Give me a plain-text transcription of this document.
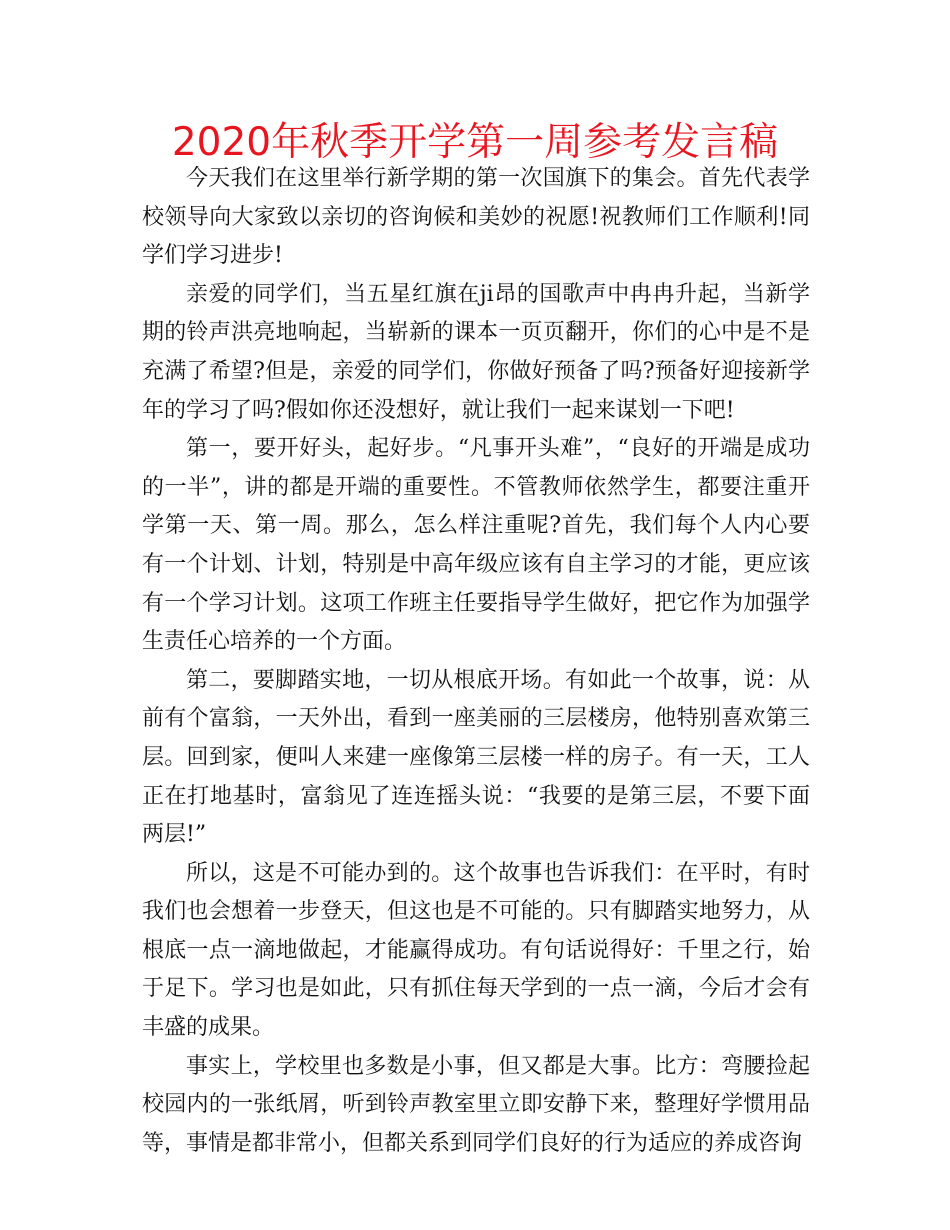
2020年秋季开学第一周参考发言稿

今天我们在这里举行新学期的第一次国旗下的集会。首先代表学校领导向大家致以亲切的咨询候和美妙的祝愿!祝教师们工作顺利!同学们学习进步!

亲爱的同学们，当五星红旗在ji昂的国歌声中冉冉升起，当新学期的铃声洪亮地响起，当崭新的课本一页页翻开，你们的心中是不是充满了希望?但是，亲爱的同学们，你做好预备了吗?预备好迎接新学年的学习了吗?假如你还没想好，就让我们一起来谋划一下吧!

第一，要开好头，起好步。“凡事开头难”，“良好的开端是成功的一半”，讲的都是开端的重要性。不管教师依然学生，都要注重开学第一天、第一周。那么，怎么样注重呢?首先，我们每个人内心要有一个计划、计划，特别是中高年级应该有自主学习的才能，更应该有一个学习计划。这项工作班主任要指导学生做好，把它作为加强学生责任心培养的一个方面。

第二，要脚踏实地，一切从根底开场。有如此一个故事，说：从前有个富翁，一天外出，看到一座美丽的三层楼房，他特别喜欢第三层。回到家，便叫人来建一座像第三层楼一样的房子。有一天，工人正在打地基时，富翁见了连连摇头说：“我要的是第三层，不要下面两层!”

所以，这是不可能办到的。这个故事也告诉我们：在平时，有时我们也会想着一步登天，但这也是不可能的。只有脚踏实地努力，从根底一点一滴地做起，才能赢得成功。有句话说得好：千里之行，始于足下。学习也是如此，只有抓住每天学到的一点一滴，今后才会有丰盛的成果。

事实上，学校里也多数是小事，但又都是大事。比方：弯腰捡起校园内的一张纸屑，听到铃声教室里立即安静下来，整理好学惯用品等，事情是都非常小，但都关系到同学们良好的行为适应的养成咨询
